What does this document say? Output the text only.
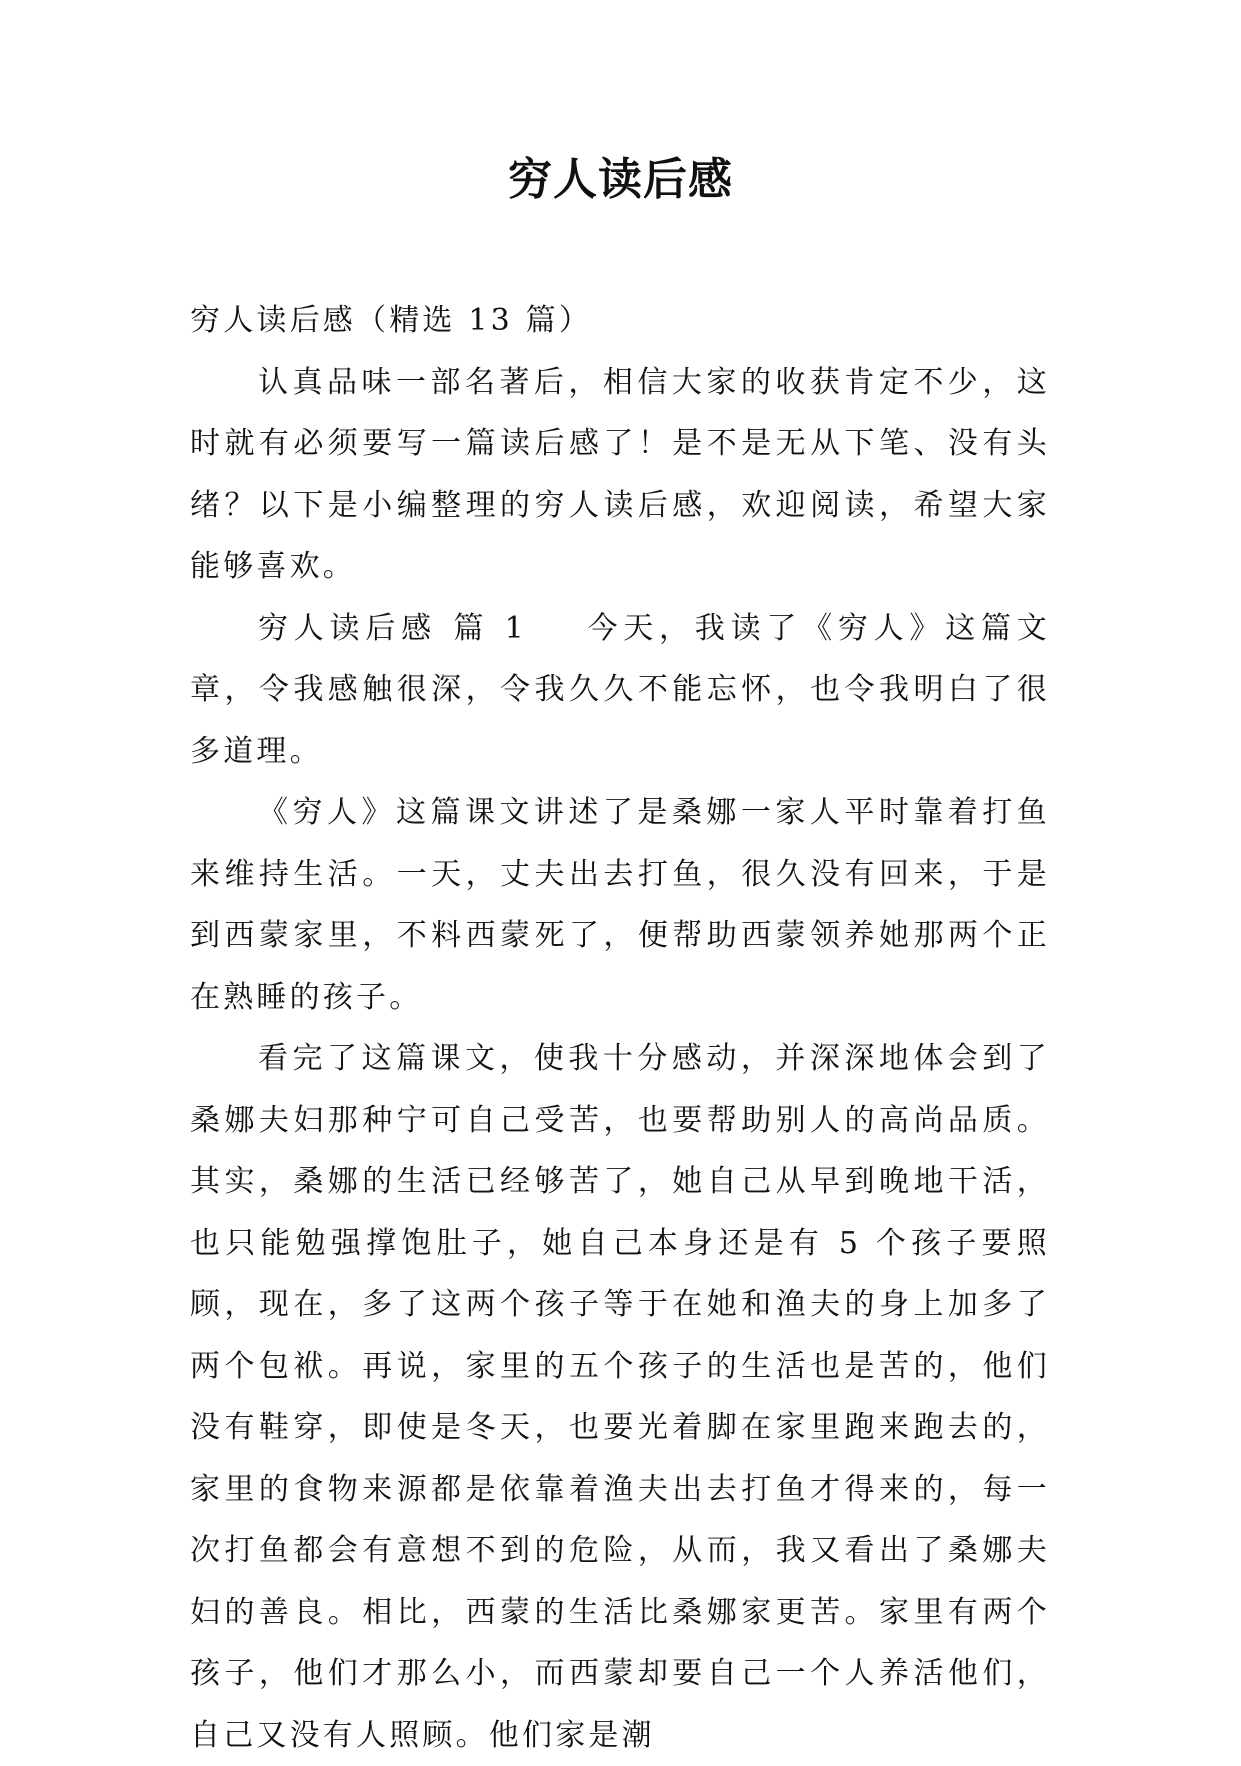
穷人读后感

穷人读后感（精选 13 篇）

认真品味一部名著后，相信大家的收获肯定不少，这时就有必须要写一篇读后感了！是不是无从下笔、没有头绪？以下是小编整理的穷人读后感，欢迎阅读，希望大家能够喜欢。

穷人读后感 篇 1 今天，我读了《穷人》这篇文章，令我感触很深，令我久久不能忘怀，也令我明白了很多道理。

《穷人》这篇课文讲述了是桑娜一家人平时靠着打鱼来维持生活。一天，丈夫出去打鱼，很久没有回来，于是到西蒙家里，不料西蒙死了，便帮助西蒙领养她那两个正在熟睡的孩子。

看完了这篇课文，使我十分感动，并深深地体会到了桑娜夫妇那种宁可自己受苦，也要帮助别人的高尚品质。其实，桑娜的生活已经够苦了，她自己从早到晚地干活，也只能勉强撑饱肚子，她自己本身还是有 5 个孩子要照顾，现在，多了这两个孩子等于在她和渔夫的身上加多了两个包袱。再说，家里的五个孩子的生活也是苦的，他们没有鞋穿，即使是冬天，也要光着脚在家里跑来跑去的，家里的食物来源都是依靠着渔夫出去打鱼才得来的，每一次打鱼都会有意想不到的危险，从而，我又看出了桑娜夫妇的善良。相比，西蒙的生活比桑娜家更苦。家里有两个孩子，他们才那么小，而西蒙却要自己一个人养活他们，自己又没有人照顾。他们家是潮
